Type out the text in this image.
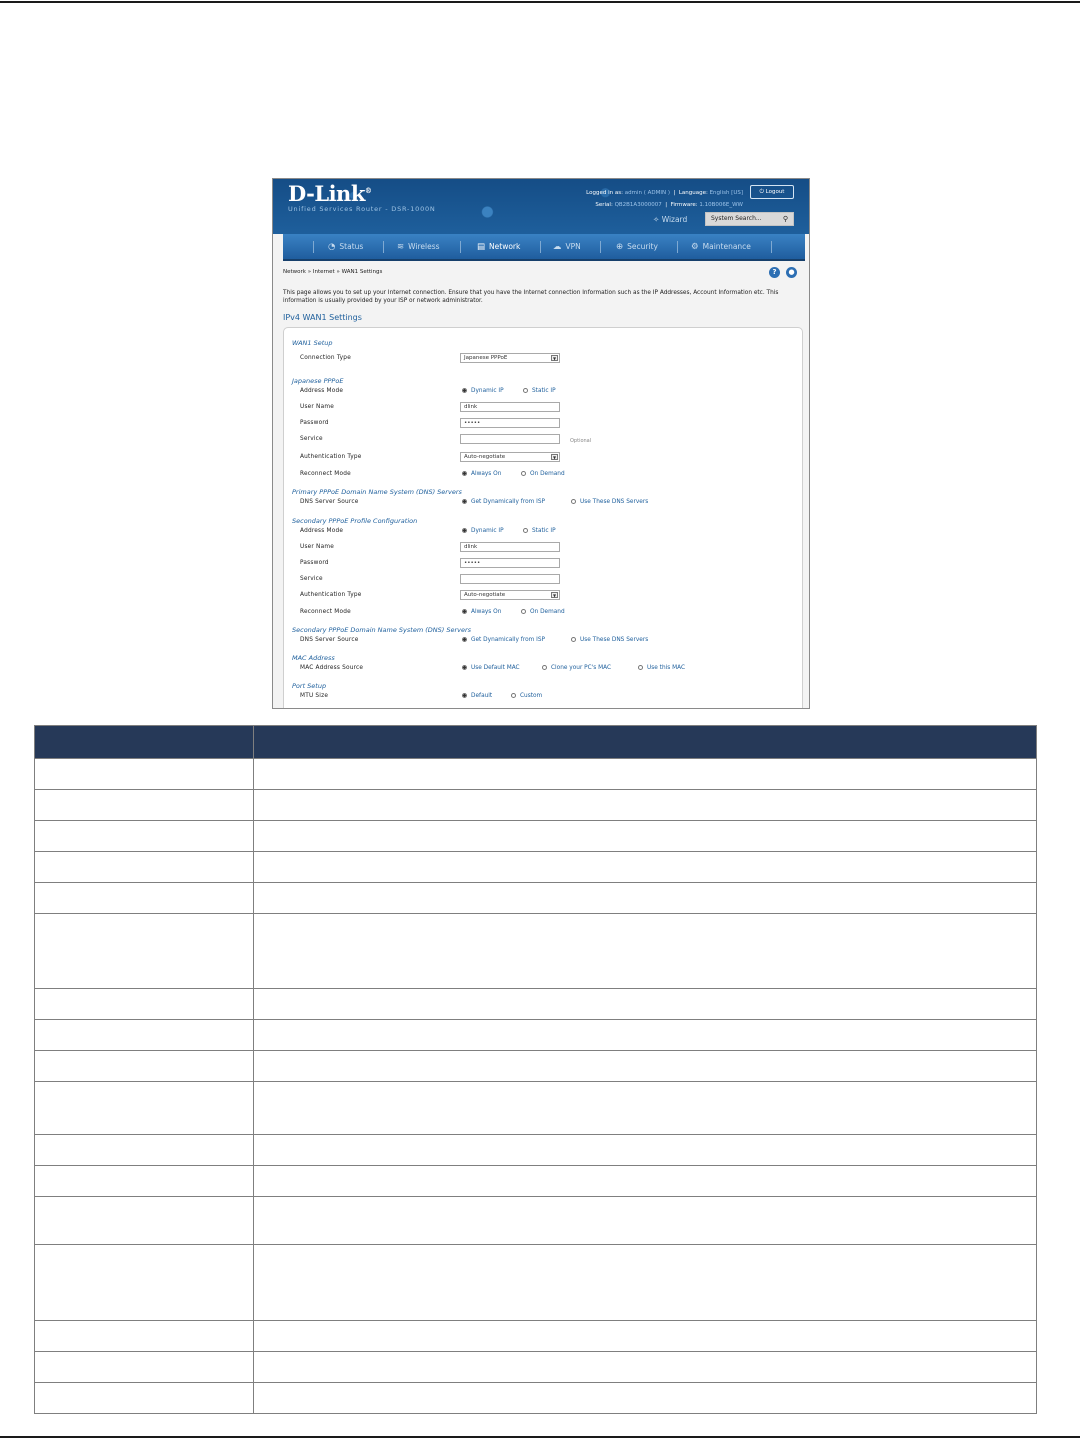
D-Link®
Unified Services Router - DSR-1000N
Logged in as: admin ( ADMIN )  |  Language: English [US]
Serial: QB2B1A3000007  |  Firmware: 1.10B006E_WW
⏻ Logout
✧ Wizard	System Search...	⚲
◔ Status	≋ Wireless	▤ Network	☁ VPN	⊕ Security	⚙ Maintenance
Network » Internet » WAN1 Settings	?	●
This page allows you to set up your Internet connection. Ensure that you have the Internet connection Information such as the IP Addresses, Account Information etc. This information is usually provided by your ISP or network administrator.
IPv4 WAN1 Settings
WAN1 Setup
Connection Type	Japanese PPPoE	▼
Japanese PPPoE
Address Mode	Dynamic IP	Static IP
User Name	dlink
Password	•••••
Service	Optional
Authentication Type	Auto-negotiate	▼
Reconnect Mode	Always On	On Demand
Primary PPPoE Domain Name System (DNS) Servers
DNS Server Source	Get Dynamically from ISP	Use These DNS Servers
Secondary PPPoE Profile Configuration
Address Mode	Dynamic IP	Static IP
User Name	dlink
Password	•••••
Service
Authentication Type	Auto-negotiate	▼
Reconnect Mode	Always On	On Demand
Secondary PPPoE Domain Name System (DNS) Servers
DNS Server Source	Get Dynamically from ISP	Use These DNS Servers
MAC Address
MAC Address Source	Use Default MAC	Clone your PC's MAC	Use this MAC
Port Setup
MTU Size	Default	Custom
